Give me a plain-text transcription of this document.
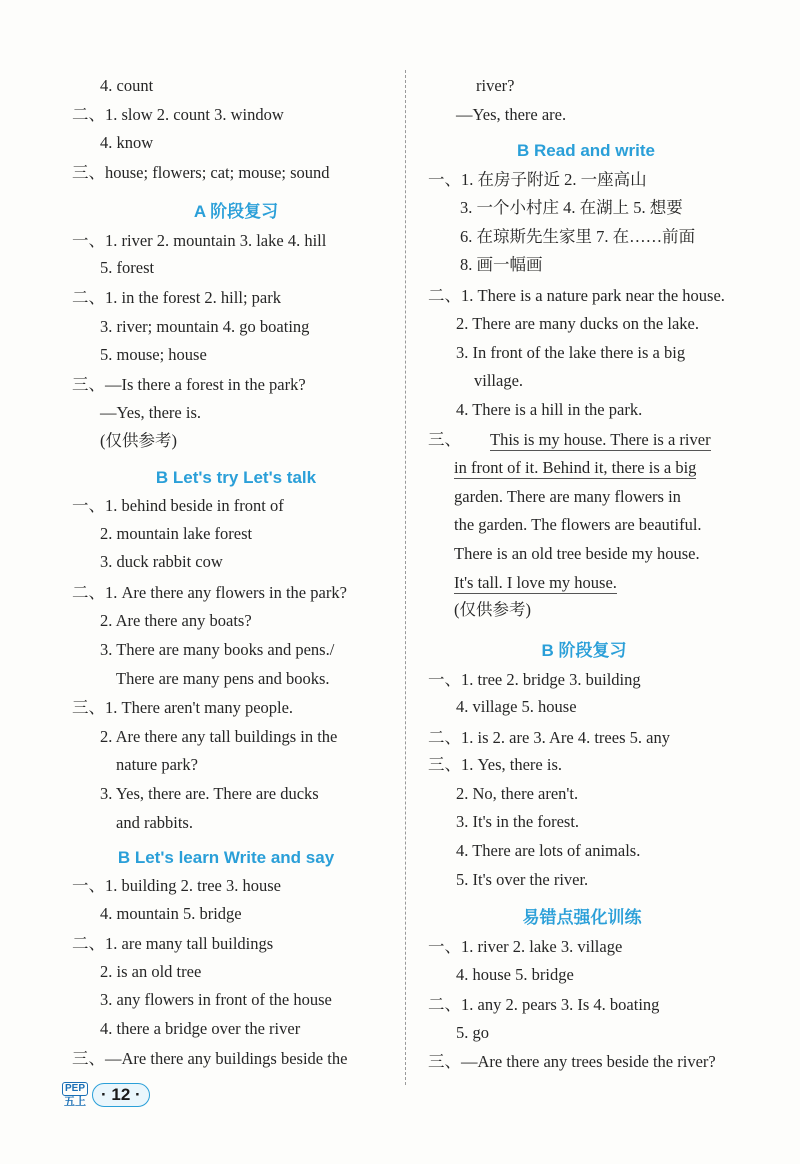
A 阶段复习
B Let's try Let's talk
B Let's learn Write and say
4. count
二、1. slow 2. count 3. window
4. know
三、house; flowers; cat; mouse; sound
一、1. river 2. mountain 3. lake 4. hill
5. forest
二、1. in the forest 2. hill; park
3. river; mountain 4. go boating
5. mouse; house
三、—Is there a forest in the park?
—Yes, there is.
(仅供参考)
一、1. behind beside in front of
2. mountain lake forest
3. duck rabbit cow
二、1. Are there any flowers in the park?
2. Are there any boats?
3. There are many books and pens./
There are many pens and books.
三、1. There aren't many people.
2. Are there any tall buildings in the
nature park?
3. Yes, there are. There are ducks
and rabbits.
一、1. building 2. tree 3. house
4. mountain 5. bridge
二、1. are many tall buildings
2. is an old tree
3. any flowers in front of the house
4. there a bridge over the river
三、—Are there any buildings beside the
B Read and write
B 阶段复习
易错点强化训练
river?
—Yes, there are.
一、1. 在房子附近 2. 一座高山
3. 一个小村庄 4. 在湖上 5. 想要
6. 在琼斯先生家里 7. 在……前面
8. 画一幅画
二、1. There is a nature park near the house.
2. There are many ducks on the lake.
3. In front of the lake there is a big
village.
4. There is a hill in the park.
三、 This is my house. There is a river
in front of it. Behind it, there is a big
garden. There are many flowers in
the garden. The flowers are beautiful.
There is an old tree beside my house.
It's tall. I love my house.
(仅供参考)
一、1. tree 2. bridge 3. building
4. village 5. house
二、1. is 2. are 3. Are 4. trees 5. any
三、1. Yes, there is.
2. No, there aren't.
3. It's in the forest.
4. There are lots of animals.
5. It's over the river.
一、1. river 2. lake 3. village
4. house 5. bridge
二、1. any 2. pears 3. Is 4. boating
5. go
三、—Are there any trees beside the river?
PEP
五上 · 12 ·
